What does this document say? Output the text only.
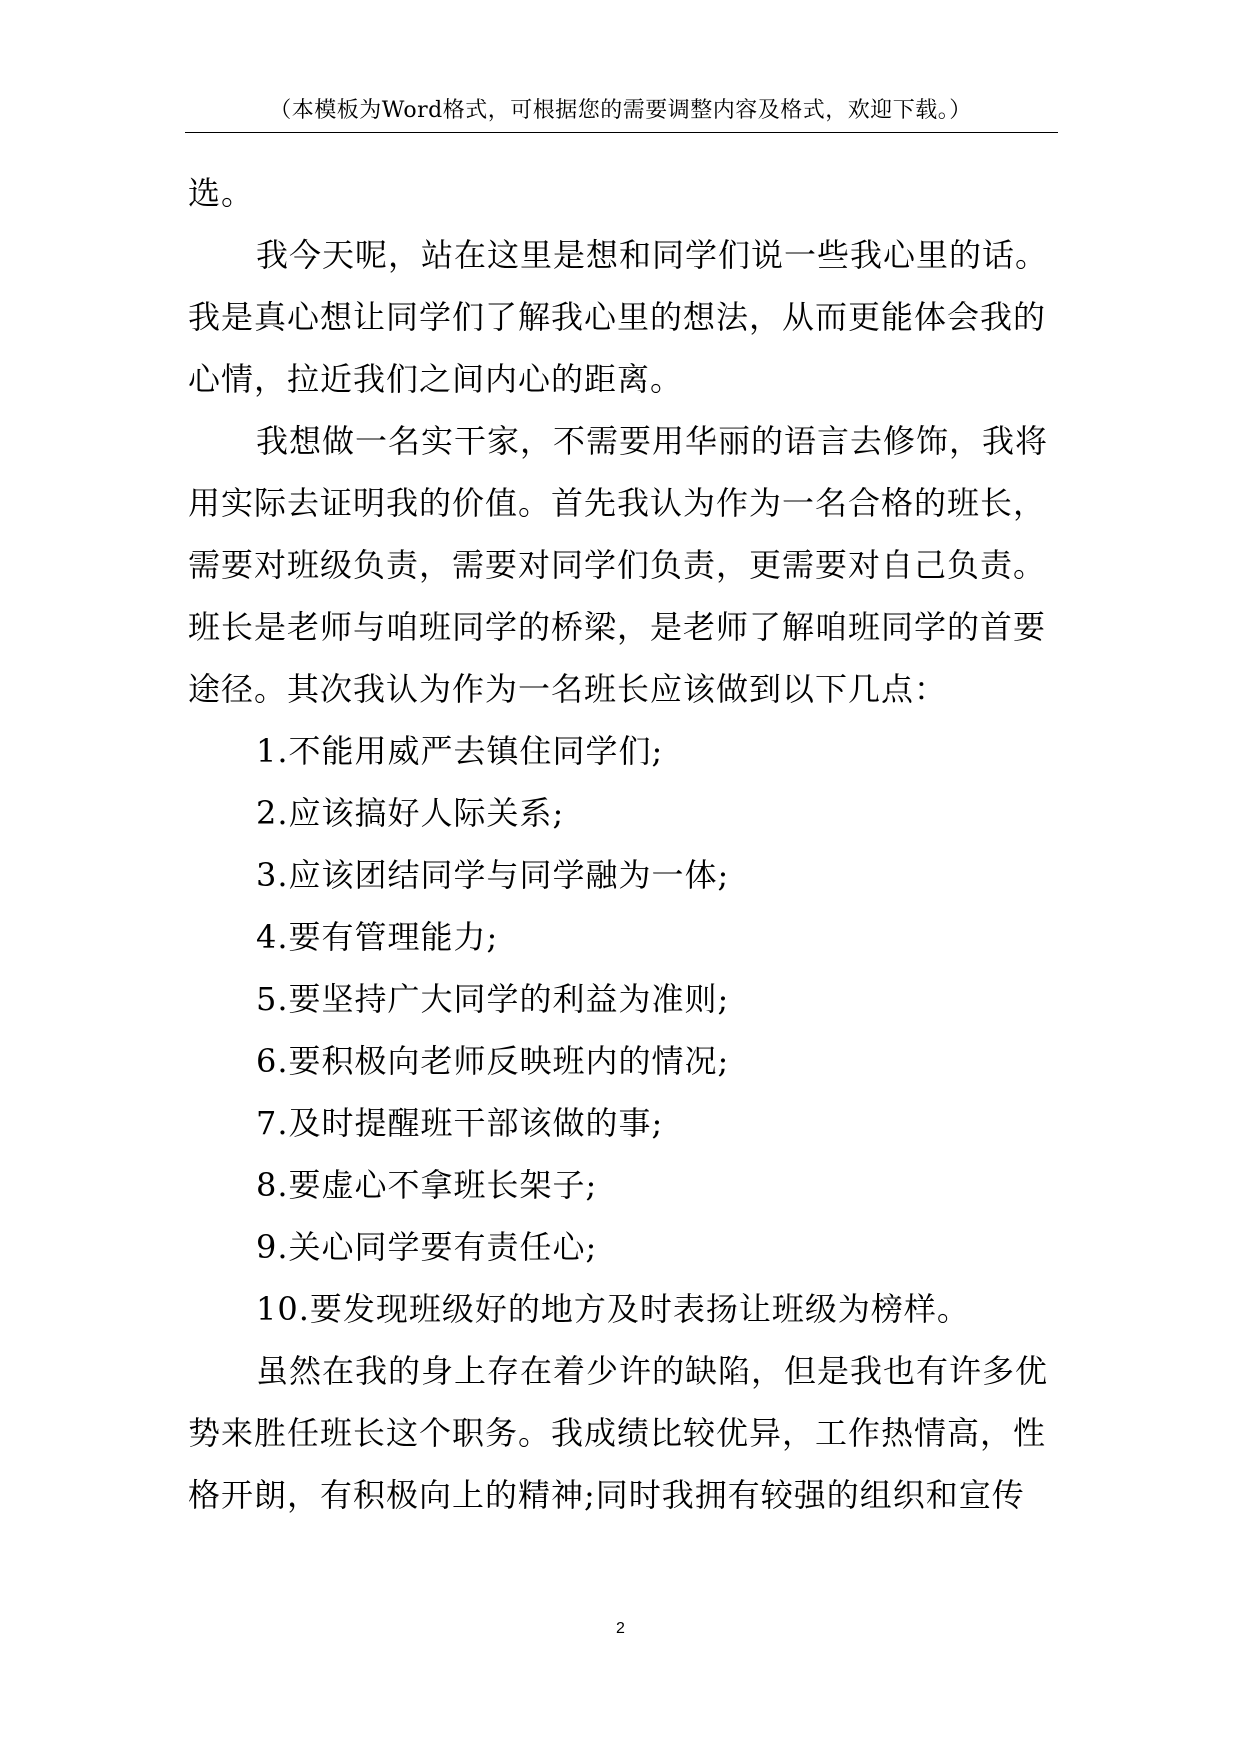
（本模板为Word格式，可根据您的需要调整内容及格式，欢迎下载。）
选。
我今天呢，站在这里是想和同学们说一些我心里的话。
我是真心想让同学们了解我心里的想法，从而更能体会我的
心情，拉近我们之间内心的距离。
我想做一名实干家，不需要用华丽的语言去修饰，我将
用实际去证明我的价值。首先我认为作为一名合格的班长，
需要对班级负责，需要对同学们负责，更需要对自己负责。
班长是老师与咱班同学的桥梁，是老师了解咱班同学的首要
途径。其次我认为作为一名班长应该做到以下几点：
1.不能用威严去镇住同学们;
2.应该搞好人际关系;
3.应该团结同学与同学融为一体;
4.要有管理能力;
5.要坚持广大同学的利益为准则;
6.要积极向老师反映班内的情况;
7.及时提醒班干部该做的事;
8.要虚心不拿班长架子;
9.关心同学要有责任心;
10.要发现班级好的地方及时表扬让班级为榜样。
虽然在我的身上存在着少许的缺陷，但是我也有许多优
势来胜任班长这个职务。我成绩比较优异，工作热情高，性
格开朗，有积极向上的精神;同时我拥有较强的组织和宣传
2
